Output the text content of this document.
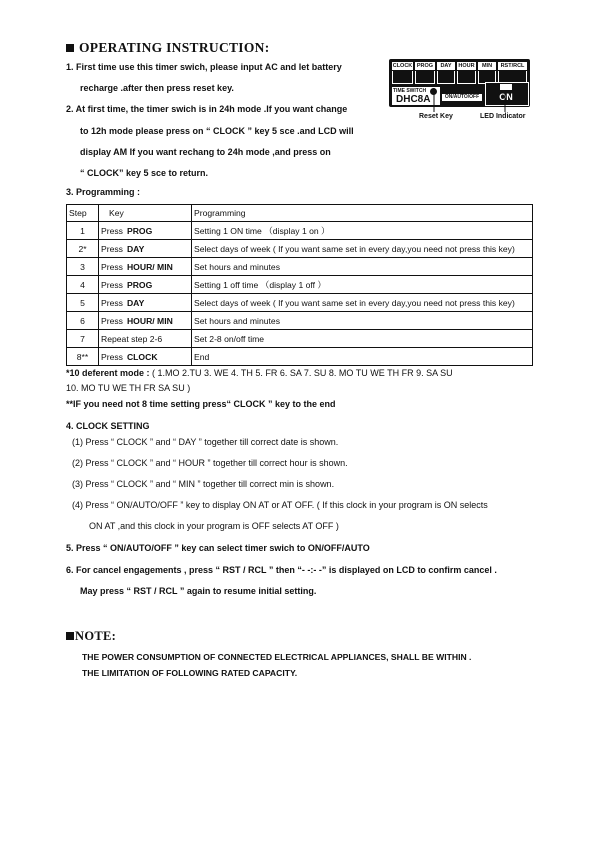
OPERATING INSTRUCTION:
1. First time use this timer swich, please input AC and let battery
recharge .after then press reset key.
2. At first time, the timer swich is in 24h mode .If you want change
to 12h mode please press on “ CLOCK ” key 5 sce .and LCD will
display AM If you want rechang to 24h mode ,and press on
“ CLOCK” key 5 sce to return.
CLOCK PROG	DAY	HOUR	MIN	RST/RCL
TIME SWITCH
DHC8A	ON/AUTO/OFF	ON
Reset Key	LED Indicator
3. Programming :
Step	Key	Programming
1	Press PROG	Setting 1 ON time （display 1 on ）
2*	Press DAY	Select days of week ( If you want same set in every day,you need not press this key)
3	Press HOUR/ MIN	Set hours and minutes
4	Press PROG	Setting 1 off time （display 1 off ）
5	Press DAY	Select days of week ( If you want same set in every day,you need not press this key)
6	Press HOUR/ MIN	Set hours and minutes
7	Repeat step 2-6	Set 2-8 on/off time
8**	Press CLOCK	End
*10 deferent mode : ( 1.MO 2.TU 3. WE 4. TH 5. FR 6. SA 7. SU 8. MO TU WE TH FR 9. SA SU
10. MO TU WE TH FR SA SU )
**IF you need not 8 time setting press“ CLOCK ” key to the end
4. CLOCK SETTING
(1) Press “ CLOCK ” and “ DAY ” together till correct date is shown.
(2) Press “ CLOCK ” and “ HOUR ” together till correct hour is shown.
(3) Press “ CLOCK ” and “ MIN ” together till correct min is shown.
(4) Press “ ON/AUTO/OFF ” key to display ON AT or AT OFF. ( If this clock in your program is ON selects
ON AT ,and this clock in your program is OFF selects AT OFF )
5. Press “ ON/AUTO/OFF ” key can select timer swich to ON/OFF/AUTO
6. For cancel engagements , press “ RST / RCL ” then “- -:- -” is displayed on LCD to confirm cancel .
May press “ RST / RCL ” again to resume initial setting.
NOTE:
THE POWER CONSUMPTION OF CONNECTED ELECTRICAL APPLIANCES, SHALL BE WITHIN .
THE LIMITATION OF FOLLOWING RATED CAPACITY.
